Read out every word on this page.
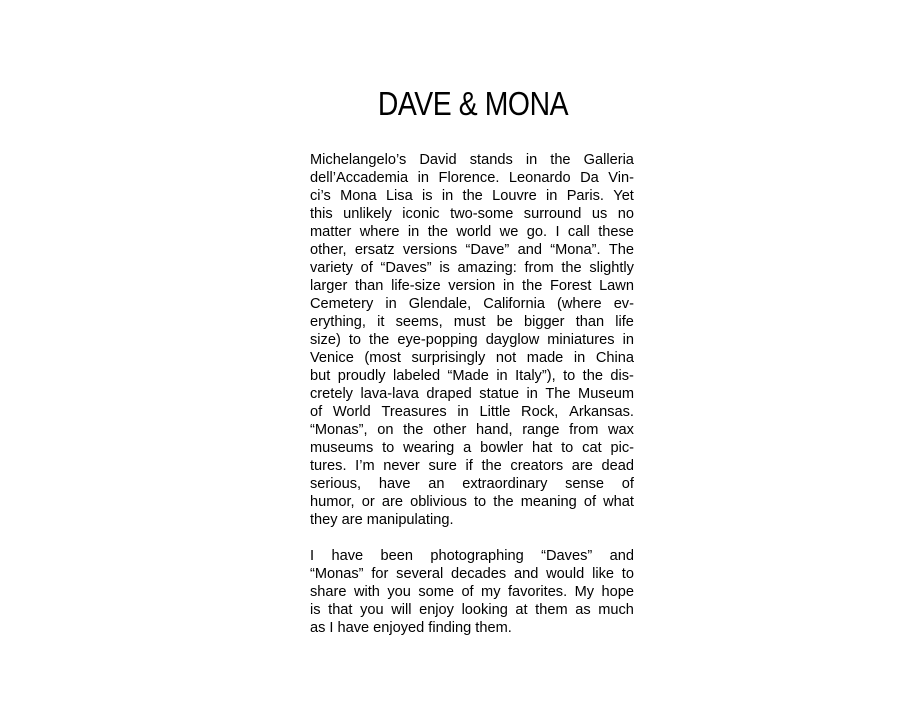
DAVE & MONA
Michelangelo’s David stands in the Galleria
dell’Accademia in Florence. Leonardo Da Vin-
ci’s Mona Lisa is in the Louvre in Paris. Yet
this unlikely iconic two-some surround us no
matter where in the world we go. I call these
other, ersatz versions “Dave” and “Mona”. The
variety of “Daves” is amazing: from the slightly
larger than life-size version in the Forest Lawn
Cemetery in Glendale, California (where ev-
erything, it seems, must be bigger than life
size) to the eye-popping dayglow miniatures in
Venice (most surprisingly not made in China
but proudly labeled “Made in Italy”), to the dis-
cretely lava-lava draped statue in The Museum
of World Treasures in Little Rock, Arkansas.
“Monas”, on the other hand, range from wax
museums to wearing a bowler hat to cat pic-
tures. I’m never sure if the creators are dead
serious, have an extraordinary sense of
humor, or are oblivious to the meaning of what
they are manipulating.
I have been photographing “Daves” and
“Monas” for several decades and would like to
share with you some of my favorites. My hope
is that you will enjoy looking at them as much
as I have enjoyed finding them.
